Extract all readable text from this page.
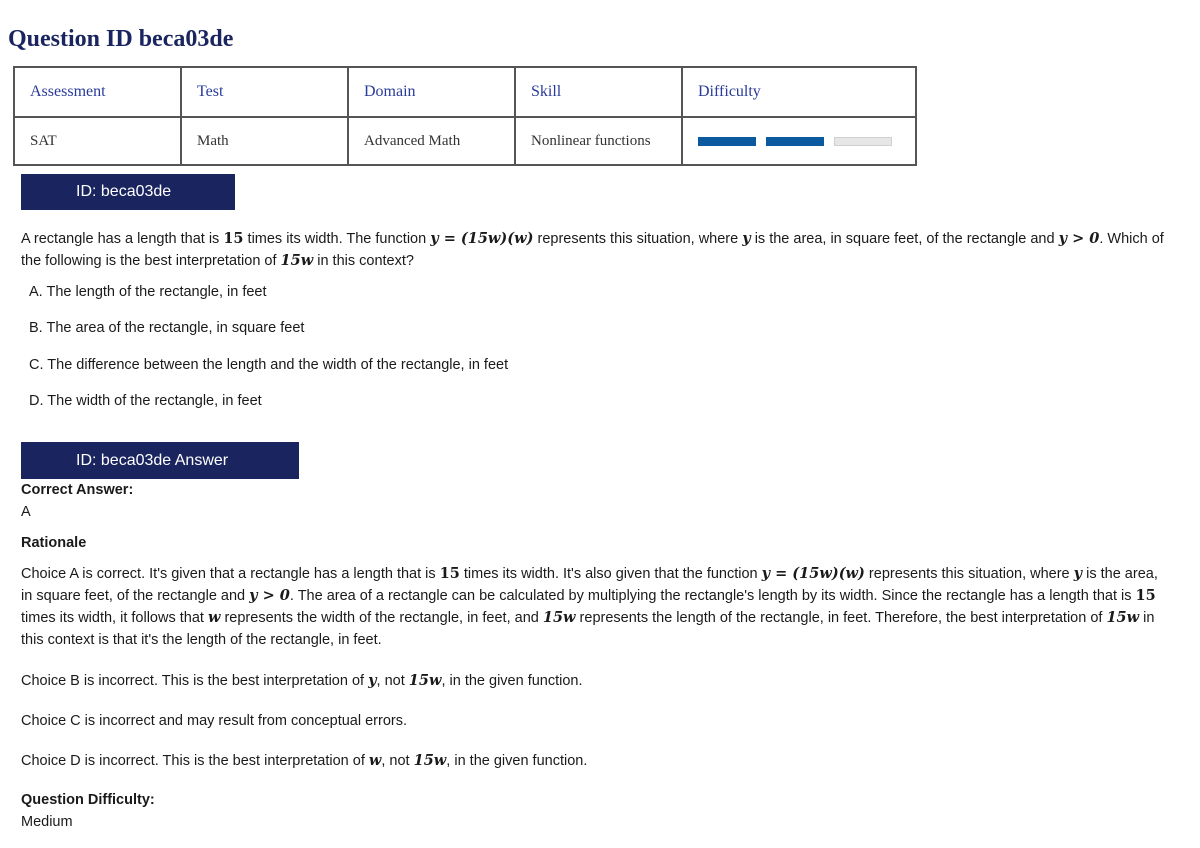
Question ID beca03de
Assessment	Test	Domain	Skill	Difficulty
SAT	Math	Advanced Math	Nonlinear functions	
ID: beca03de
A rectangle has a length that is 15 times its width. The function y = (15w)(w) represents this situation, where y is the area, in square feet, of the rectangle and y > 0. Which of the following is the best interpretation of 15w in this context?
A. The length of the rectangle, in feet
B. The area of the rectangle, in square feet
C. The difference between the length and the width of the rectangle, in feet
D. The width of the rectangle, in feet
ID: beca03de Answer
Correct Answer:
A
Rationale
Choice A is correct. It's given that a rectangle has a length that is 15 times its width. It's also given that the function y = (15w)(w) represents this situation, where y is the area, in square feet, of the rectangle and y > 0. The area of a rectangle can be calculated by multiplying the rectangle's length by its width. Since the rectangle has a length that is 15 times its width, it follows that w represents the width of the rectangle, in feet, and 15w represents the length of the rectangle, in feet. Therefore, the best interpretation of 15w in this context is that it's the length of the rectangle, in feet.
Choice B is incorrect. This is the best interpretation of y, not 15w, in the given function.
Choice C is incorrect and may result from conceptual errors.
Choice D is incorrect. This is the best interpretation of w, not 15w, in the given function.
Question Difficulty:
Medium
